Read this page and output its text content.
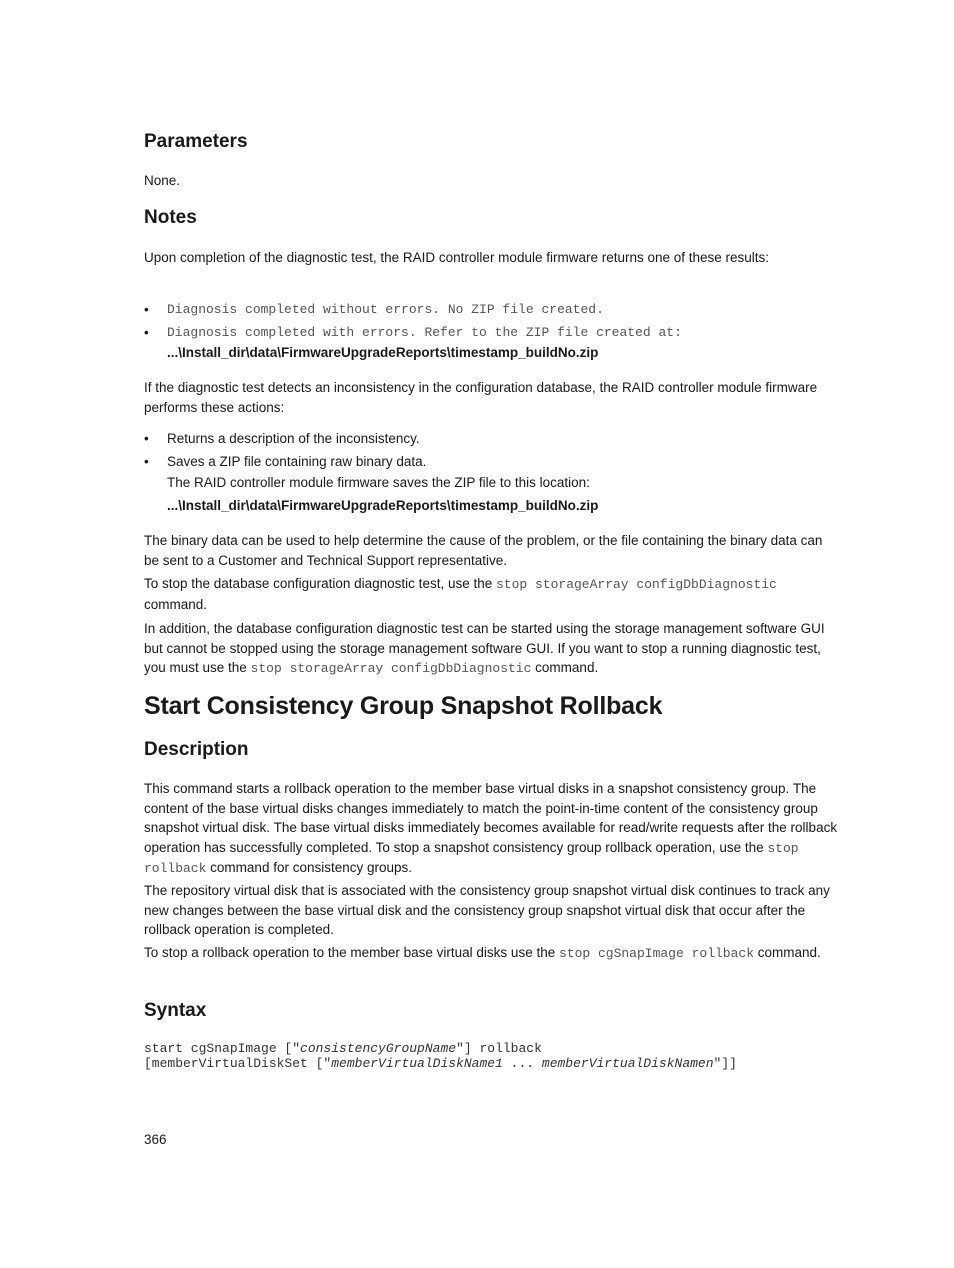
Parameters

None.

Notes

Upon completion of the diagnostic test, the RAID controller module firmware returns one of these results:

• Diagnosis completed without errors. No ZIP file created.
• Diagnosis completed with errors. Refer to the ZIP file created at:
...\Install_dir\data\FirmwareUpgradeReports\timestamp_buildNo.zip

If the diagnostic test detects an inconsistency in the configuration database, the RAID controller module firmware performs these actions:

• Returns a description of the inconsistency.
• Saves a ZIP file containing raw binary data.
The RAID controller module firmware saves the ZIP file to this location:
...\Install_dir\data\FirmwareUpgradeReports\timestamp_buildNo.zip

The binary data can be used to help determine the cause of the problem, or the file containing the binary data can be sent to a Customer and Technical Support representative.

To stop the database configuration diagnostic test, use the stop storageArray configDbDiagnostic command.

In addition, the database configuration diagnostic test can be started using the storage management software GUI but cannot be stopped using the storage management software GUI. If you want to stop a running diagnostic test, you must use the stop storageArray configDbDiagnostic command.

Start Consistency Group Snapshot Rollback
Description

This command starts a rollback operation to the member base virtual disks in a snapshot consistency group. The content of the base virtual disks changes immediately to match the point-in-time content of the consistency group snapshot virtual disk. The base virtual disks immediately becomes available for read/write requests after the rollback operation has successfully completed. To stop a snapshot consistency group rollback operation, use the stop rollback command for consistency groups.

The repository virtual disk that is associated with the consistency group snapshot virtual disk continues to track any new changes between the base virtual disk and the consistency group snapshot virtual disk that occur after the rollback operation is completed.

To stop a rollback operation to the member base virtual disks use the stop cgSnapImage rollback command.

Syntax
start cgSnapImage ["consistencyGroupName"] rollback
[memberVirtualDiskSet ["memberVirtualDiskName1 ... memberVirtualDiskNamen"]]
366
